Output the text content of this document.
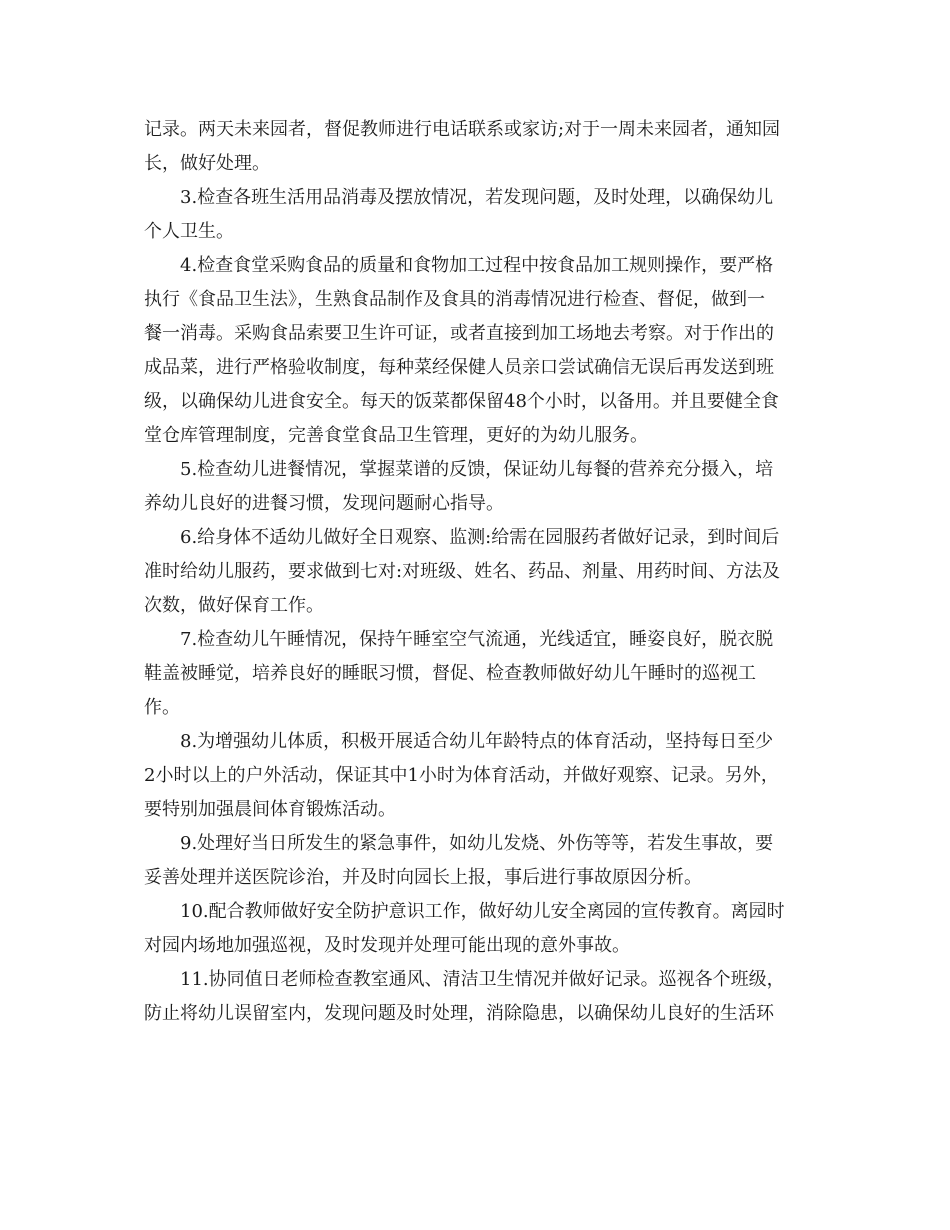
记录。两天未来园者，督促教师进行电话联系或家访;对于一周未来园者，通知园
长，做好处理。
3.检查各班生活用品消毒及摆放情况，若发现问题，及时处理，以确保幼儿
个人卫生。
4.检查食堂采购食品的质量和食物加工过程中按食品加工规则操作，要严格
执行《食品卫生法》，生熟食品制作及食具的消毒情况进行检查、督促，做到一
餐一消毒。采购食品索要卫生许可证，或者直接到加工场地去考察。对于作出的
成品菜，进行严格验收制度，每种菜经保健人员亲口尝试确信无误后再发送到班
级，以确保幼儿进食安全。每天的饭菜都保留48个小时，以备用。并且要健全食
堂仓库管理制度，完善食堂食品卫生管理，更好的为幼儿服务。
5.检查幼儿进餐情况，掌握菜谱的反馈，保证幼儿每餐的营养充分摄入，培
养幼儿良好的进餐习惯，发现问题耐心指导。
6.给身体不适幼儿做好全日观察、监测:给需在园服药者做好记录，到时间后
准时给幼儿服药，要求做到七对:对班级、姓名、药品、剂量、用药时间、方法及
次数，做好保育工作。
7.检查幼儿午睡情况，保持午睡室空气流通，光线适宜，睡姿良好，脱衣脱
鞋盖被睡觉，培养良好的睡眠习惯，督促、检查教师做好幼儿午睡时的巡视工
作。
8.为增强幼儿体质，积极开展适合幼儿年龄特点的体育活动，坚持每日至少
2小时以上的户外活动，保证其中1小时为体育活动，并做好观察、记录。另外，
要特别加强晨间体育锻炼活动。
9.处理好当日所发生的紧急事件，如幼儿发烧、外伤等等，若发生事故，要
妥善处理并送医院诊治，并及时向园长上报，事后进行事故原因分析。
10.配合教师做好安全防护意识工作，做好幼儿安全离园的宣传教育。离园时
对园内场地加强巡视，及时发现并处理可能出现的意外事故。
11.协同值日老师检查教室通风、清洁卫生情况并做好记录。巡视各个班级，
防止将幼儿误留室内，发现问题及时处理，消除隐患，以确保幼儿良好的生活环
